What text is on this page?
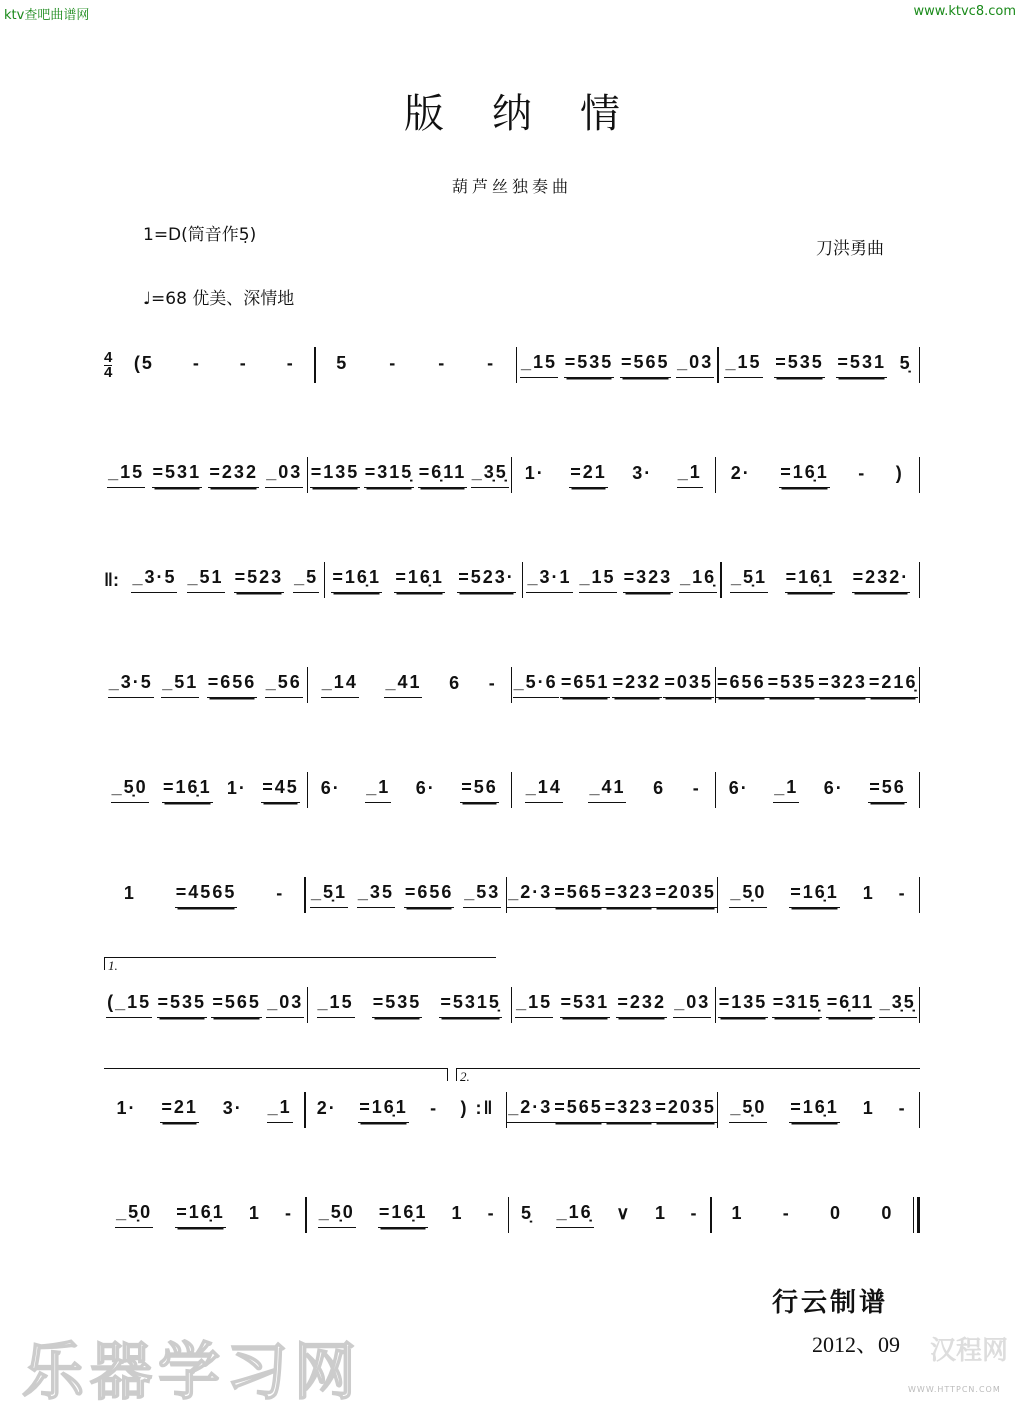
ktv查吧曲谱网	www.ktvc8.com
版纳情
葫芦丝独奏曲
1=D(筒音作5̣)
刀洪勇曲
♩=68 优美、深情地
4
4 (5 - - - 5 - - - _15 =535 =565 _03 _15 =535 =531 5̣
_15 =531 =232 _03 =135 =315̣ =6̣11 _3̣5̣ 1· =21 3· _1 2· =16̣1 - )
‖: _3·5 _51 =523 _5 =16̣1 =16̣1 =523· _3·1 _15 =323 _16̣ _5̣1 =16̣1 =232·
_3·5 _51 =656 _56 _14 _41 6 - _5·6 =651 =232 =035 =656 =535 =323 =216̣
_5̣0 =16̣1 1· =45 6· _1 6· =56 _14 _41 6 - 6· _1 6· =56
1 =4565 - _5̣1 _35 =656 _53 _2·3 =565 =323 =2035 _5̣0 =16̣1 1 -
(_15 =535 =565 _03 _15 =535 =5315̣ _15 =531 =232 _03 =135 =315̣ =6̣11 _3̣5̣
1.
1· =21 3· _1 2· =16̣1 - ) :‖ _2·3 =565 =323 =2035 _5̣0 =16̣1 1 -
2.
_5̣0 =16̣1 1 - _5̣0 =16̣1 1 - 5̣ _16̣ ∨ 1 - 1 - 0 0
行云制谱
2012、09
乐器学习网	汉程网
WWW.HTTPCN.COM
